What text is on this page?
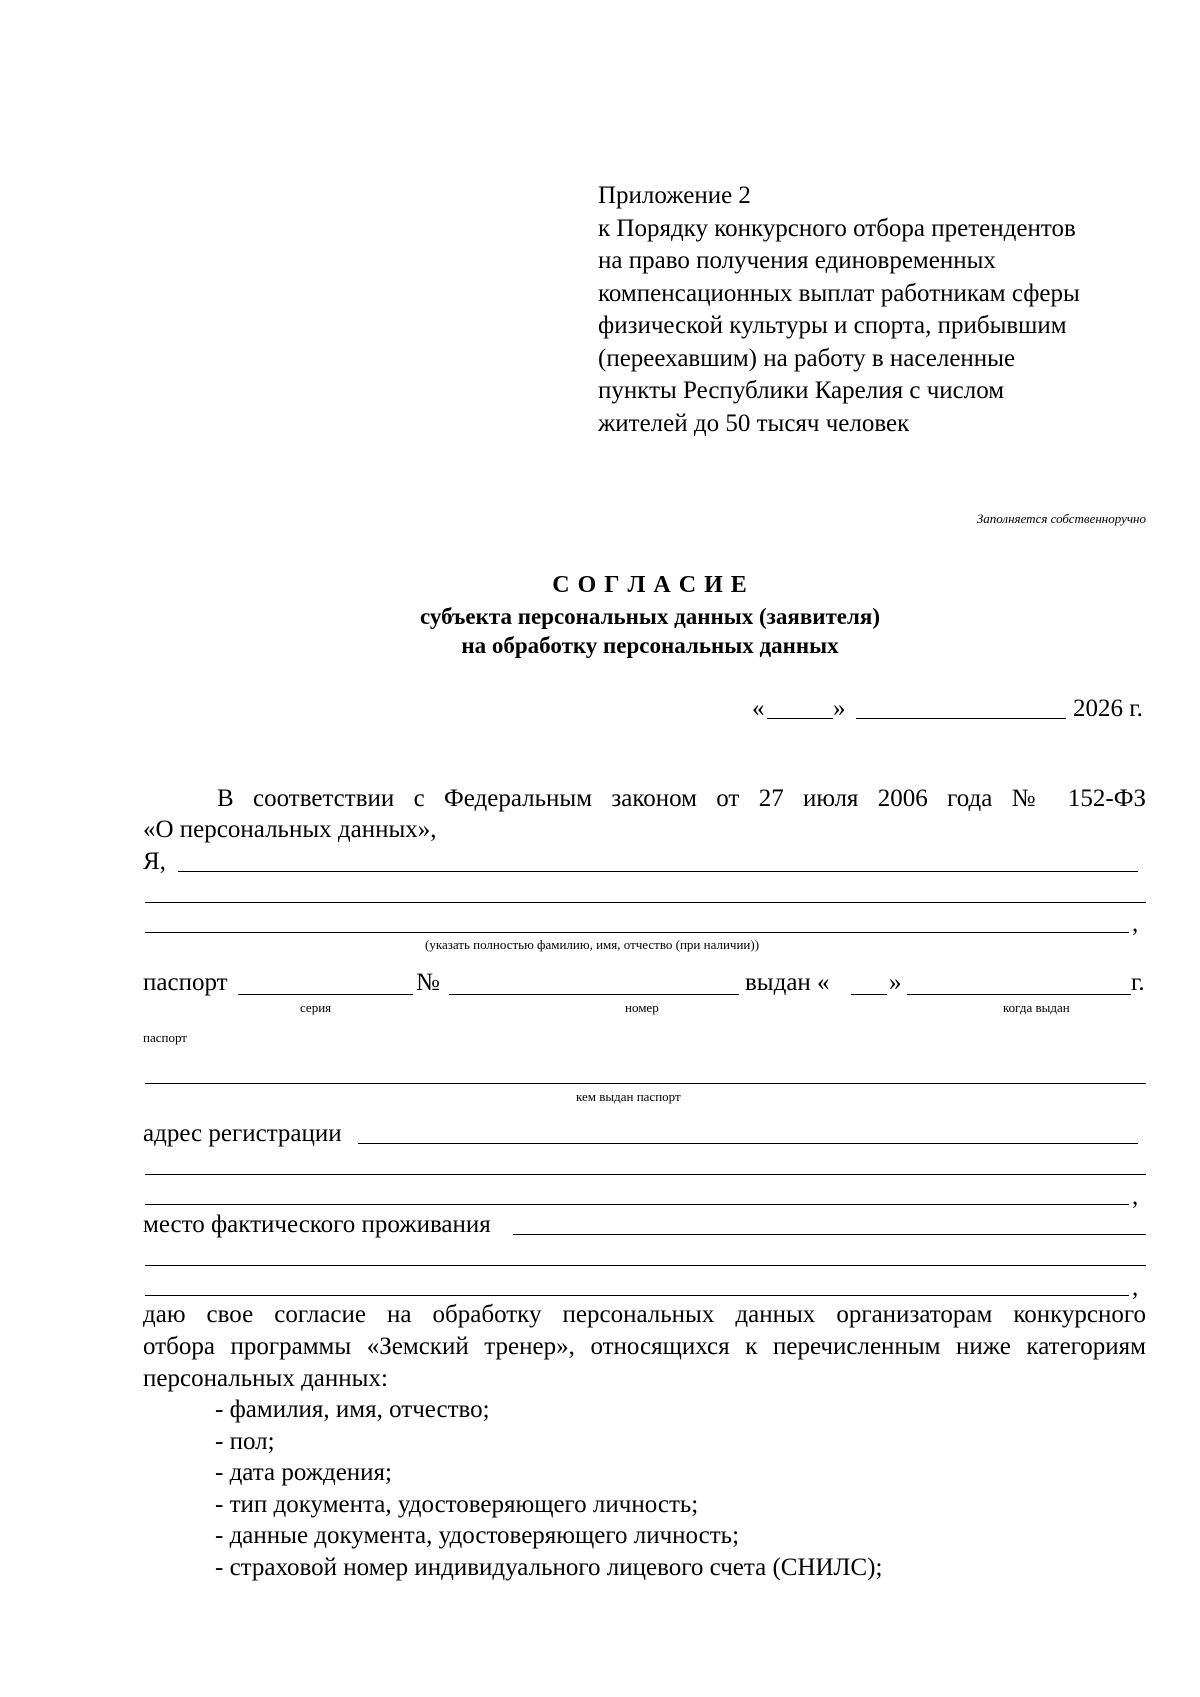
Приложение 2
к Порядку конкурсного отбора претендентов
на право получения единовременных
компенсационных выплат работникам сферы
физической культуры и спорта, прибывшим
(переехавшим) на работу в населенные
пункты Республики Карелия с числом
жителей до 50 тысяч человек
Заполняется собственноручно
С О Г Л А С И Е
субъекта персональных данных (заявителя)
на обработку персональных данных
«	»	2026 г.
В соответствии с Федеральным законом от 27 июля 2006 года № 152-ФЗ
«О персональных данных»,
Я,
,
(указать полностью фамилию, имя, отчество (при наличии))
паспорт	№	выдан « »	г.
серия	номер	когда выдан
паспорт
кем выдан паспорт
адрес регистрации
,
место фактического проживания
,
даю свое согласие на обработку персональных данных организаторам конкурсного
отбора программы «Земский тренер», относящихся к перечисленным ниже категориям
персональных данных:
- фамилия, имя, отчество;
- пол;
- дата рождения;
- тип документа, удостоверяющего личность;
- данные документа, удостоверяющего личность;
- страховой номер индивидуального лицевого счета (СНИЛС);
